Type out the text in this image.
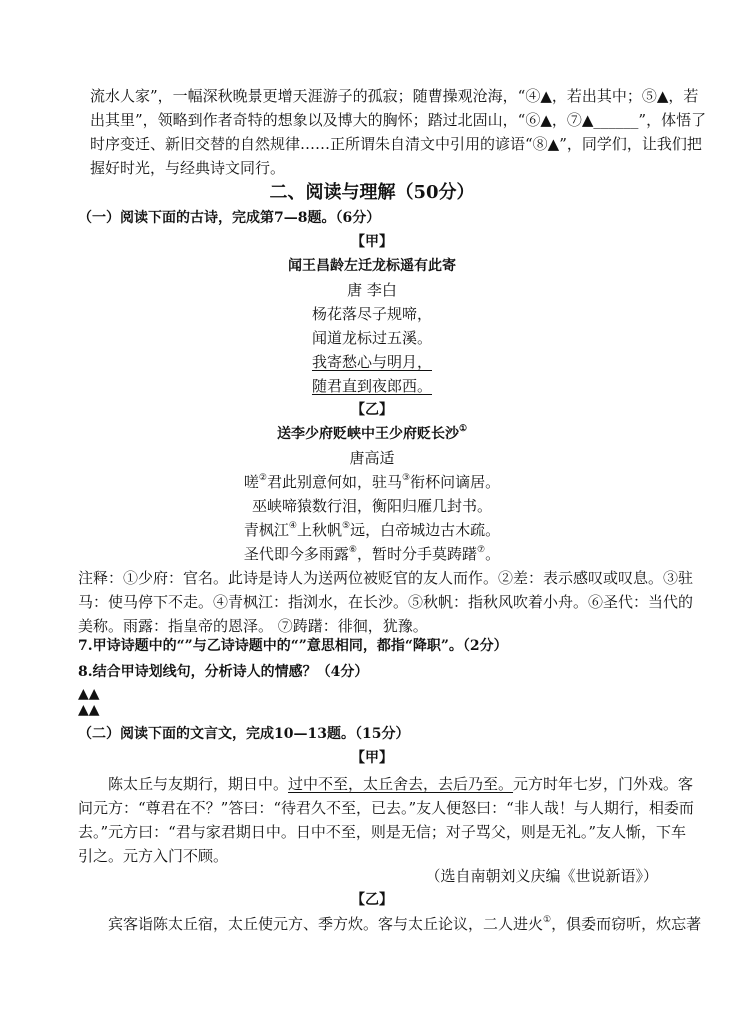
流水人家”，一幅深秋晚景更增天涯游子的孤寂；随曹操观沧海，“④▲，若出其中；⑤▲，若
出其里”，领略到作者奇特的想象以及博大的胸怀；踏过北固山，“⑥▲，⑦▲______”，体悟了
时序变迁、新旧交替的自然规律……正所谓朱自清文中引用的谚语“⑧▲”，同学们，让我们把
握好时光，与经典诗文同行。
二、阅读与理解（50分）
（一）阅读下面的古诗，完成第7—8题。（6分）
【甲】
闻王昌龄左迁龙标遥有此寄
唐 李白
杨花落尽子规啼，
闻道龙标过五溪。
我寄愁心与明月，
随君直到夜郎西。
【乙】
送李少府贬峡中王少府贬长沙①
唐高适
嗟②君此别意何如，驻马③衔杯问谪居。
巫峡啼猿数行泪，衡阳归雁几封书。
青枫江④上秋帆⑤远，白帝城边古木疏。
圣代即今多雨露⑥，暂时分手莫踌躇⑦。
注释：①少府：官名。此诗是诗人为送两位被贬官的友人而作。②差：表示感叹或叹息。③驻
马：使马停下不走。④青枫江：指浏水，在长沙。⑤秋帆：指秋风吹着小舟。⑥圣代：当代的
美称。雨露：指皇帝的恩泽。 ⑦踌躇：徘徊，犹豫。
7.甲诗诗题中的“”与乙诗诗题中的“”意思相同，都指“降职”。（2分）
8.结合甲诗划线句，分析诗人的情感？（4分）
▲▲
▲▲
（二）阅读下面的文言文，完成10—13题。（15分）
【甲】
陈太丘与友期行，期日中。过中不至，太丘舍去，去后乃至。元方时年七岁，门外戏。客
问元方：“尊君在不？”答曰：“待君久不至，已去。”友人便怒曰：“非人哉！与人期行，相委而
去。”元方曰：“君与家君期日中。日中不至，则是无信；对子骂父，则是无礼。”友人惭，下车
引之。元方入门不顾。
（选自南朝刘义庆编《世说新语》）
【乙】
宾客诣陈太丘宿，太丘使元方、季方炊。客与太丘论议，二人进火①，俱委而窃听，炊忘著
